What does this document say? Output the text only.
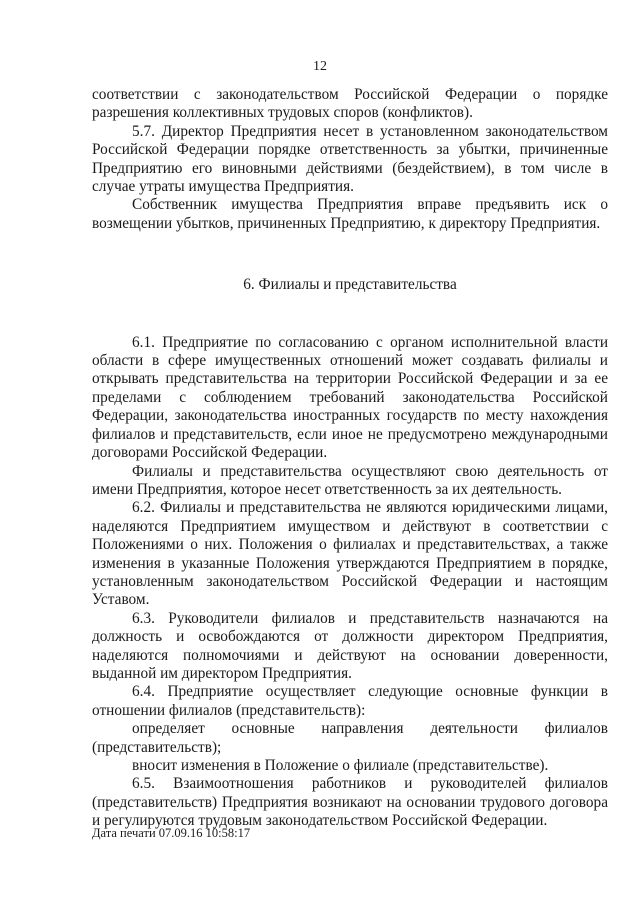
12

соответствии с законодательством Российской Федерации о порядке разрешения коллективных трудовых споров (конфликтов).

5.7. Директор Предприятия несет в установленном законодательством Российской Федерации порядке ответственность за убытки, причиненные Предприятию его виновными действиями (бездействием), в том числе в случае утраты имущества Предприятия.

Собственник имущества Предприятия вправе предъявить иск о возмещении убытков, причиненных Предприятию, к директору Предприятия.

6. Филиалы и представительства

6.1. Предприятие по согласованию с органом исполнительной власти области в сфере имущественных отношений может создавать филиалы и открывать представительства на территории Российской Федерации и за ее пределами с соблюдением требований законодательства Российской Федерации, законодательства иностранных государств по месту нахождения филиалов и представительств, если иное не предусмотрено международными договорами Российской Федерации.

Филиалы и представительства осуществляют свою деятельность от имени Предприятия, которое несет ответственность за их деятельность.

6.2. Филиалы и представительства не являются юридическими лицами, наделяются Предприятием имуществом и действуют в соответствии с Положениями о них. Положения о филиалах и представительствах, а также изменения в указанные Положения утверждаются Предприятием в порядке, установленным законодательством Российской Федерации и настоящим Уставом.

6.3. Руководители филиалов и представительств назначаются на должность и освобождаются от должности директором Предприятия, наделяются полномочиями и действуют на основании доверенности, выданной им директором Предприятия.

6.4. Предприятие осуществляет следующие основные функции в отношении филиалов (представительств):

определяет основные направления деятельности филиалов

(представительств);

вносит изменения в Положение о филиале (представительстве).

6.5. Взаимоотношения работников и руководителей филиалов (представительств) Предприятия возникают на основании трудового договора и регулируются трудовым законодательством Российской Федерации.

Дата печати 07.09.16 10:58:17
